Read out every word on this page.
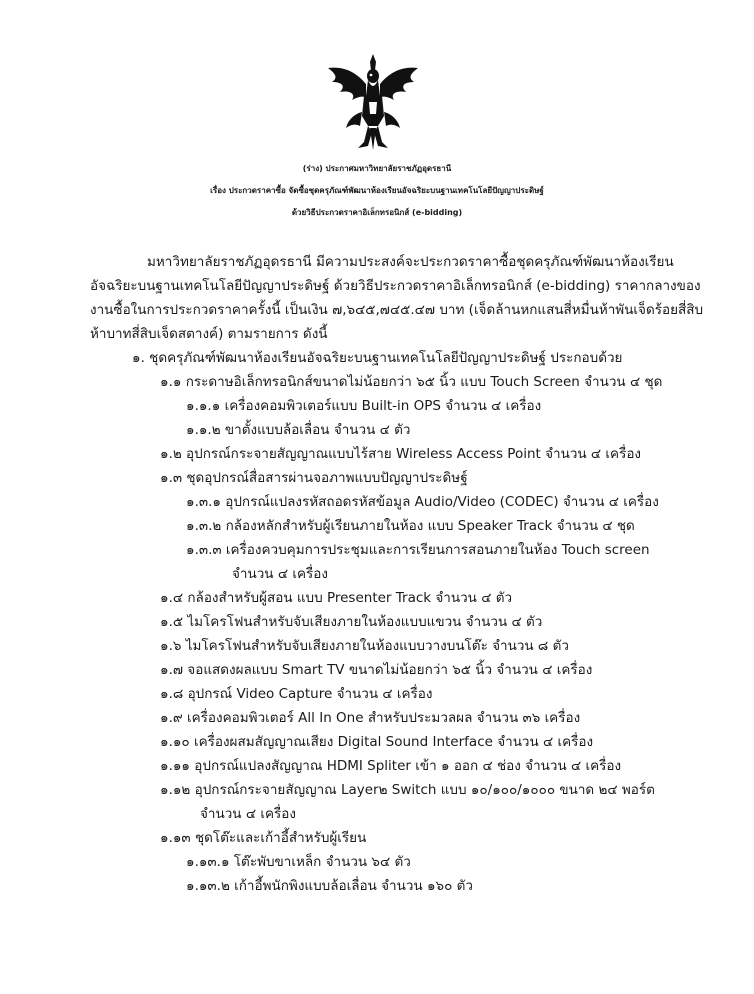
(ร่าง) ประกาศมหาวิทยาลัยราชภัฏอุดรธานี
เรื่อง ประกวดราคาซื้อ จัดซื้อชุดครุภัณฑ์พัฒนาห้องเรียนอัจฉริยะบนฐานเทคโนโลยีปัญญาประดิษฐ์
ด้วยวิธีประกวดราคาอิเล็กทรอนิกส์ (e-bidding)
มหาวิทยาลัยราชภัฏอุดรธานี มีความประสงค์จะประกวดราคาซื้อชุดครุภัณฑ์พัฒนาห้องเรียน
อัจฉริยะบนฐานเทคโนโลยีปัญญาประดิษฐ์ ด้วยวิธีประกวดราคาอิเล็กทรอนิกส์ (e-bidding) ราคากลางของ
งานซื้อในการประกวดราคาครั้งนี้ เป็นเงิน ๗,๖๔๕,๗๔๕.๔๗ บาท (เจ็ดล้านหกแสนสี่หมื่นห้าพันเจ็ดร้อยสี่สิบ
ห้าบาทสี่สิบเจ็ดสตางค์) ตามรายการ ดังนี้
๑. ชุดครุภัณฑ์พัฒนาห้องเรียนอัจฉริยะบนฐานเทคโนโลยีปัญญาประดิษฐ์ ประกอบด้วย
๑.๑ กระดาษอิเล็กทรอนิกส์ขนาดไม่น้อยกว่า ๖๕ นิ้ว แบบ Touch Screen จำนวน ๔ ชุด
๑.๑.๑ เครื่องคอมพิวเตอร์แบบ Built-in OPS จำนวน ๔ เครื่อง
๑.๑.๒ ขาตั้งแบบล้อเลื่อน จำนวน ๔ ตัว
๑.๒ อุปกรณ์กระจายสัญญาณแบบไร้สาย Wireless Access Point จำนวน ๔ เครื่อง
๑.๓ ชุดอุปกรณ์สื่อสารผ่านจอภาพแบบปัญญาประดิษฐ์
๑.๓.๑ อุปกรณ์แปลงรหัสถอดรหัสข้อมูล Audio/Video (CODEC) จำนวน ๔ เครื่อง
๑.๓.๒ กล้องหลักสำหรับผู้เรียนภายในห้อง แบบ Speaker Track จำนวน ๔ ชุด
๑.๓.๓ เครื่องควบคุมการประชุมและการเรียนการสอนภายในห้อง Touch screen
จำนวน ๔ เครื่อง
๑.๔ กล้องสำหรับผู้สอน แบบ Presenter Track จำนวน ๔ ตัว
๑.๕ ไมโครโฟนสำหรับจับเสียงภายในห้องแบบแขวน จำนวน ๔ ตัว
๑.๖ ไมโครโฟนสำหรับจับเสียงภายในห้องแบบวางบนโต๊ะ จำนวน ๘ ตัว
๑.๗ จอแสดงผลแบบ Smart TV ขนาดไม่น้อยกว่า ๖๕ นิ้ว จำนวน ๔ เครื่อง
๑.๘ อุปกรณ์ Video Capture จำนวน ๔ เครื่อง
๑.๙ เครื่องคอมพิวเตอร์ All In One สำหรับประมวลผล จำนวน ๓๖ เครื่อง
๑.๑๐ เครื่องผสมสัญญาณเสียง Digital Sound Interface จำนวน ๔ เครื่อง
๑.๑๑ อุปกรณ์แปลงสัญญาณ HDMI Spliter เข้า ๑ ออก ๔ ช่อง จำนวน ๔ เครื่อง
๑.๑๒ อุปกรณ์กระจายสัญญาณ Layer๒ Switch แบบ ๑๐/๑๐๐/๑๐๐๐ ขนาด ๒๔ พอร์ต
จำนวน ๔ เครื่อง
๑.๑๓ ชุดโต๊ะและเก้าอี้สำหรับผู้เรียน
๑.๑๓.๑ โต๊ะพับขาเหล็ก จำนวน ๖๔ ตัว
๑.๑๓.๒ เก้าอี้พนักพิงแบบล้อเลื่อน จำนวน ๑๖๐ ตัว
